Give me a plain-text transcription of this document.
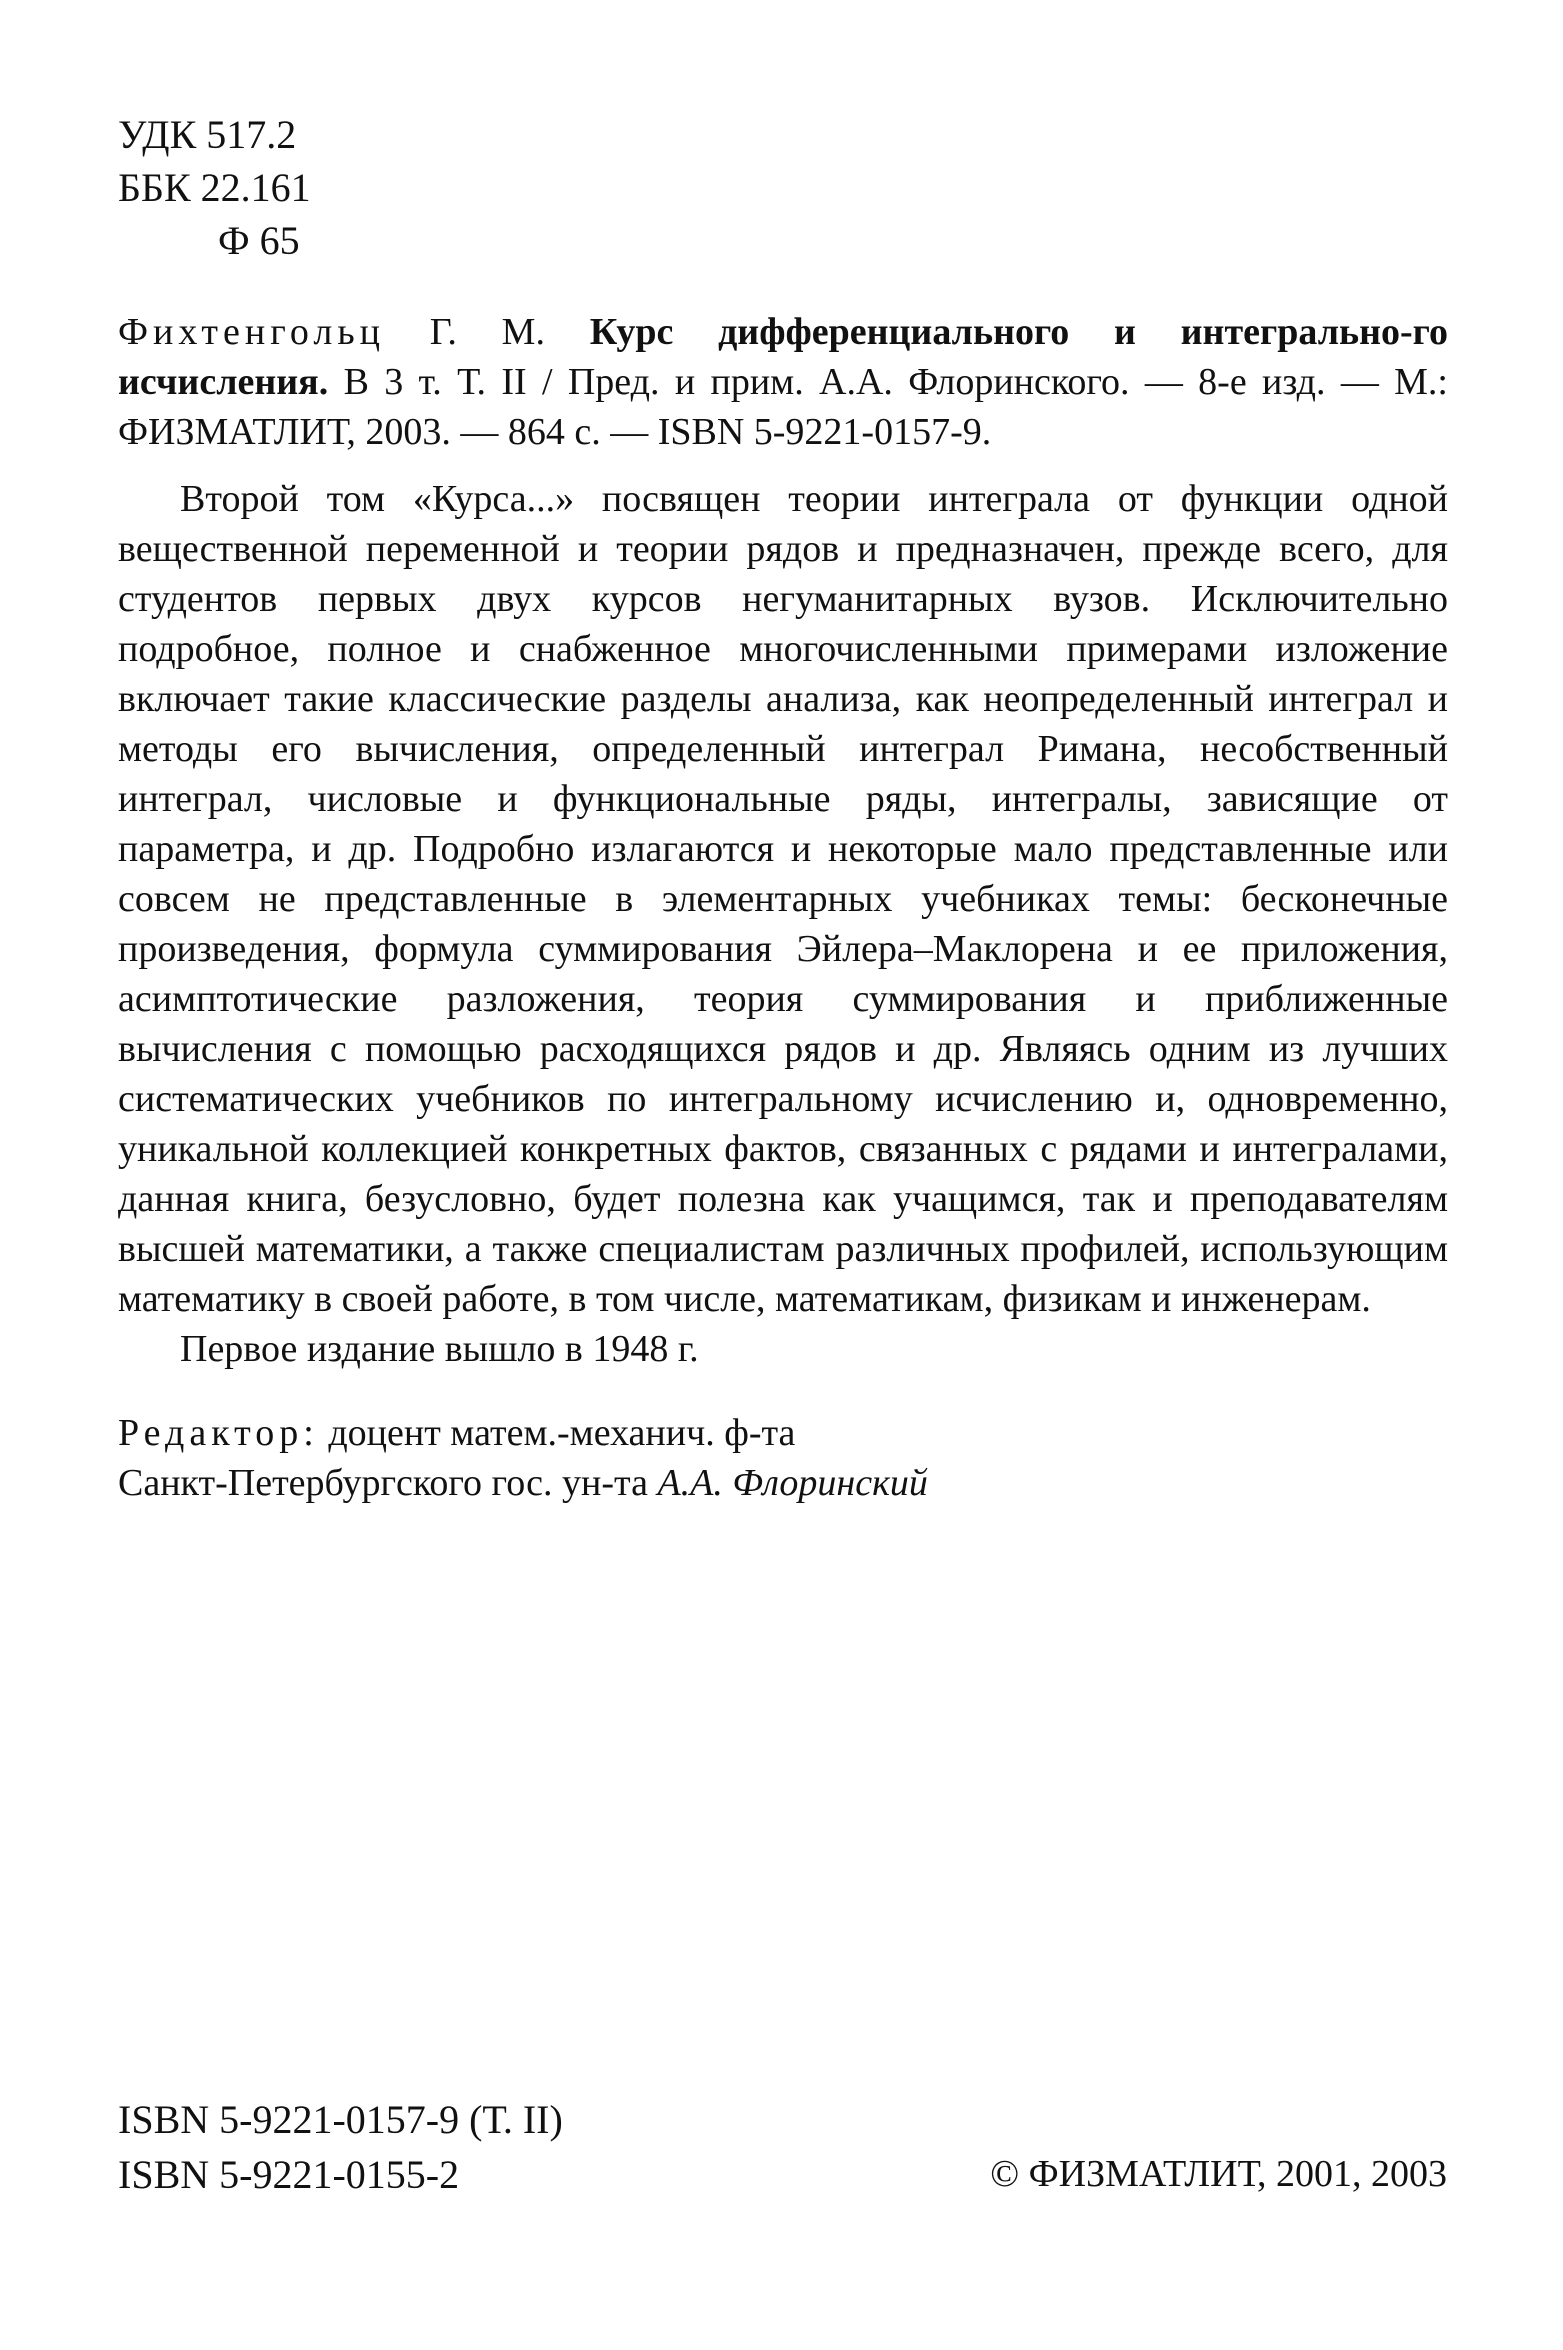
УДК 517.2
ББК 22.161
Ф 65
Фихтенгольц Г. М. Курс дифференциального и интегрально-го исчисления. В 3 т. Т. II / Пред. и прим. А.А. Флоринского. — 8-е изд. — М.: ФИЗМАТЛИТ, 2003. — 864 с. — ISBN 5-9221-0157-9.

Второй том «Курса...» посвящен теории интеграла от функции одной вещественной переменной и теории рядов и предназначен, прежде всего, для студентов первых двух курсов негуманитарных вузов. Исключительно подробное, полное и снабженное многочисленными примерами изложение включает такие классические разделы анализа, как неопределенный интеграл и методы его вычисления, определенный интеграл Римана, несобственный интеграл, числовые и функциональные ряды, интегралы, зависящие от параметра, и др. Подробно излагаются и некоторые мало представленные или совсем не представленные в элементарных учебниках темы: бесконечные произведения, формула суммирования Эйлера–Маклорена и ее приложения, асимптотические разложения, теория суммирования и приближенные вычисления с помощью расходящихся рядов и др. Являясь одним из лучших систематических учебников по интегральному исчислению и, одновременно, уникальной коллекцией конкретных фактов, связанных с рядами и интегралами, данная книга, безусловно, будет полезна как учащимся, так и преподавателям высшей математики, а также специалистам различных профилей, использующим математику в своей работе, в том числе, математикам, физикам и инженерам.

Первое издание вышло в 1948 г.

Редактор: доцент матем.-механич. ф-та
Санкт-Петербургского гос. ун-та А.А. Флоринский
ISBN 5-9221-0157-9 (Т. II)
ISBN 5-9221-0155-2	© ФИЗМАТЛИТ, 2001, 2003
